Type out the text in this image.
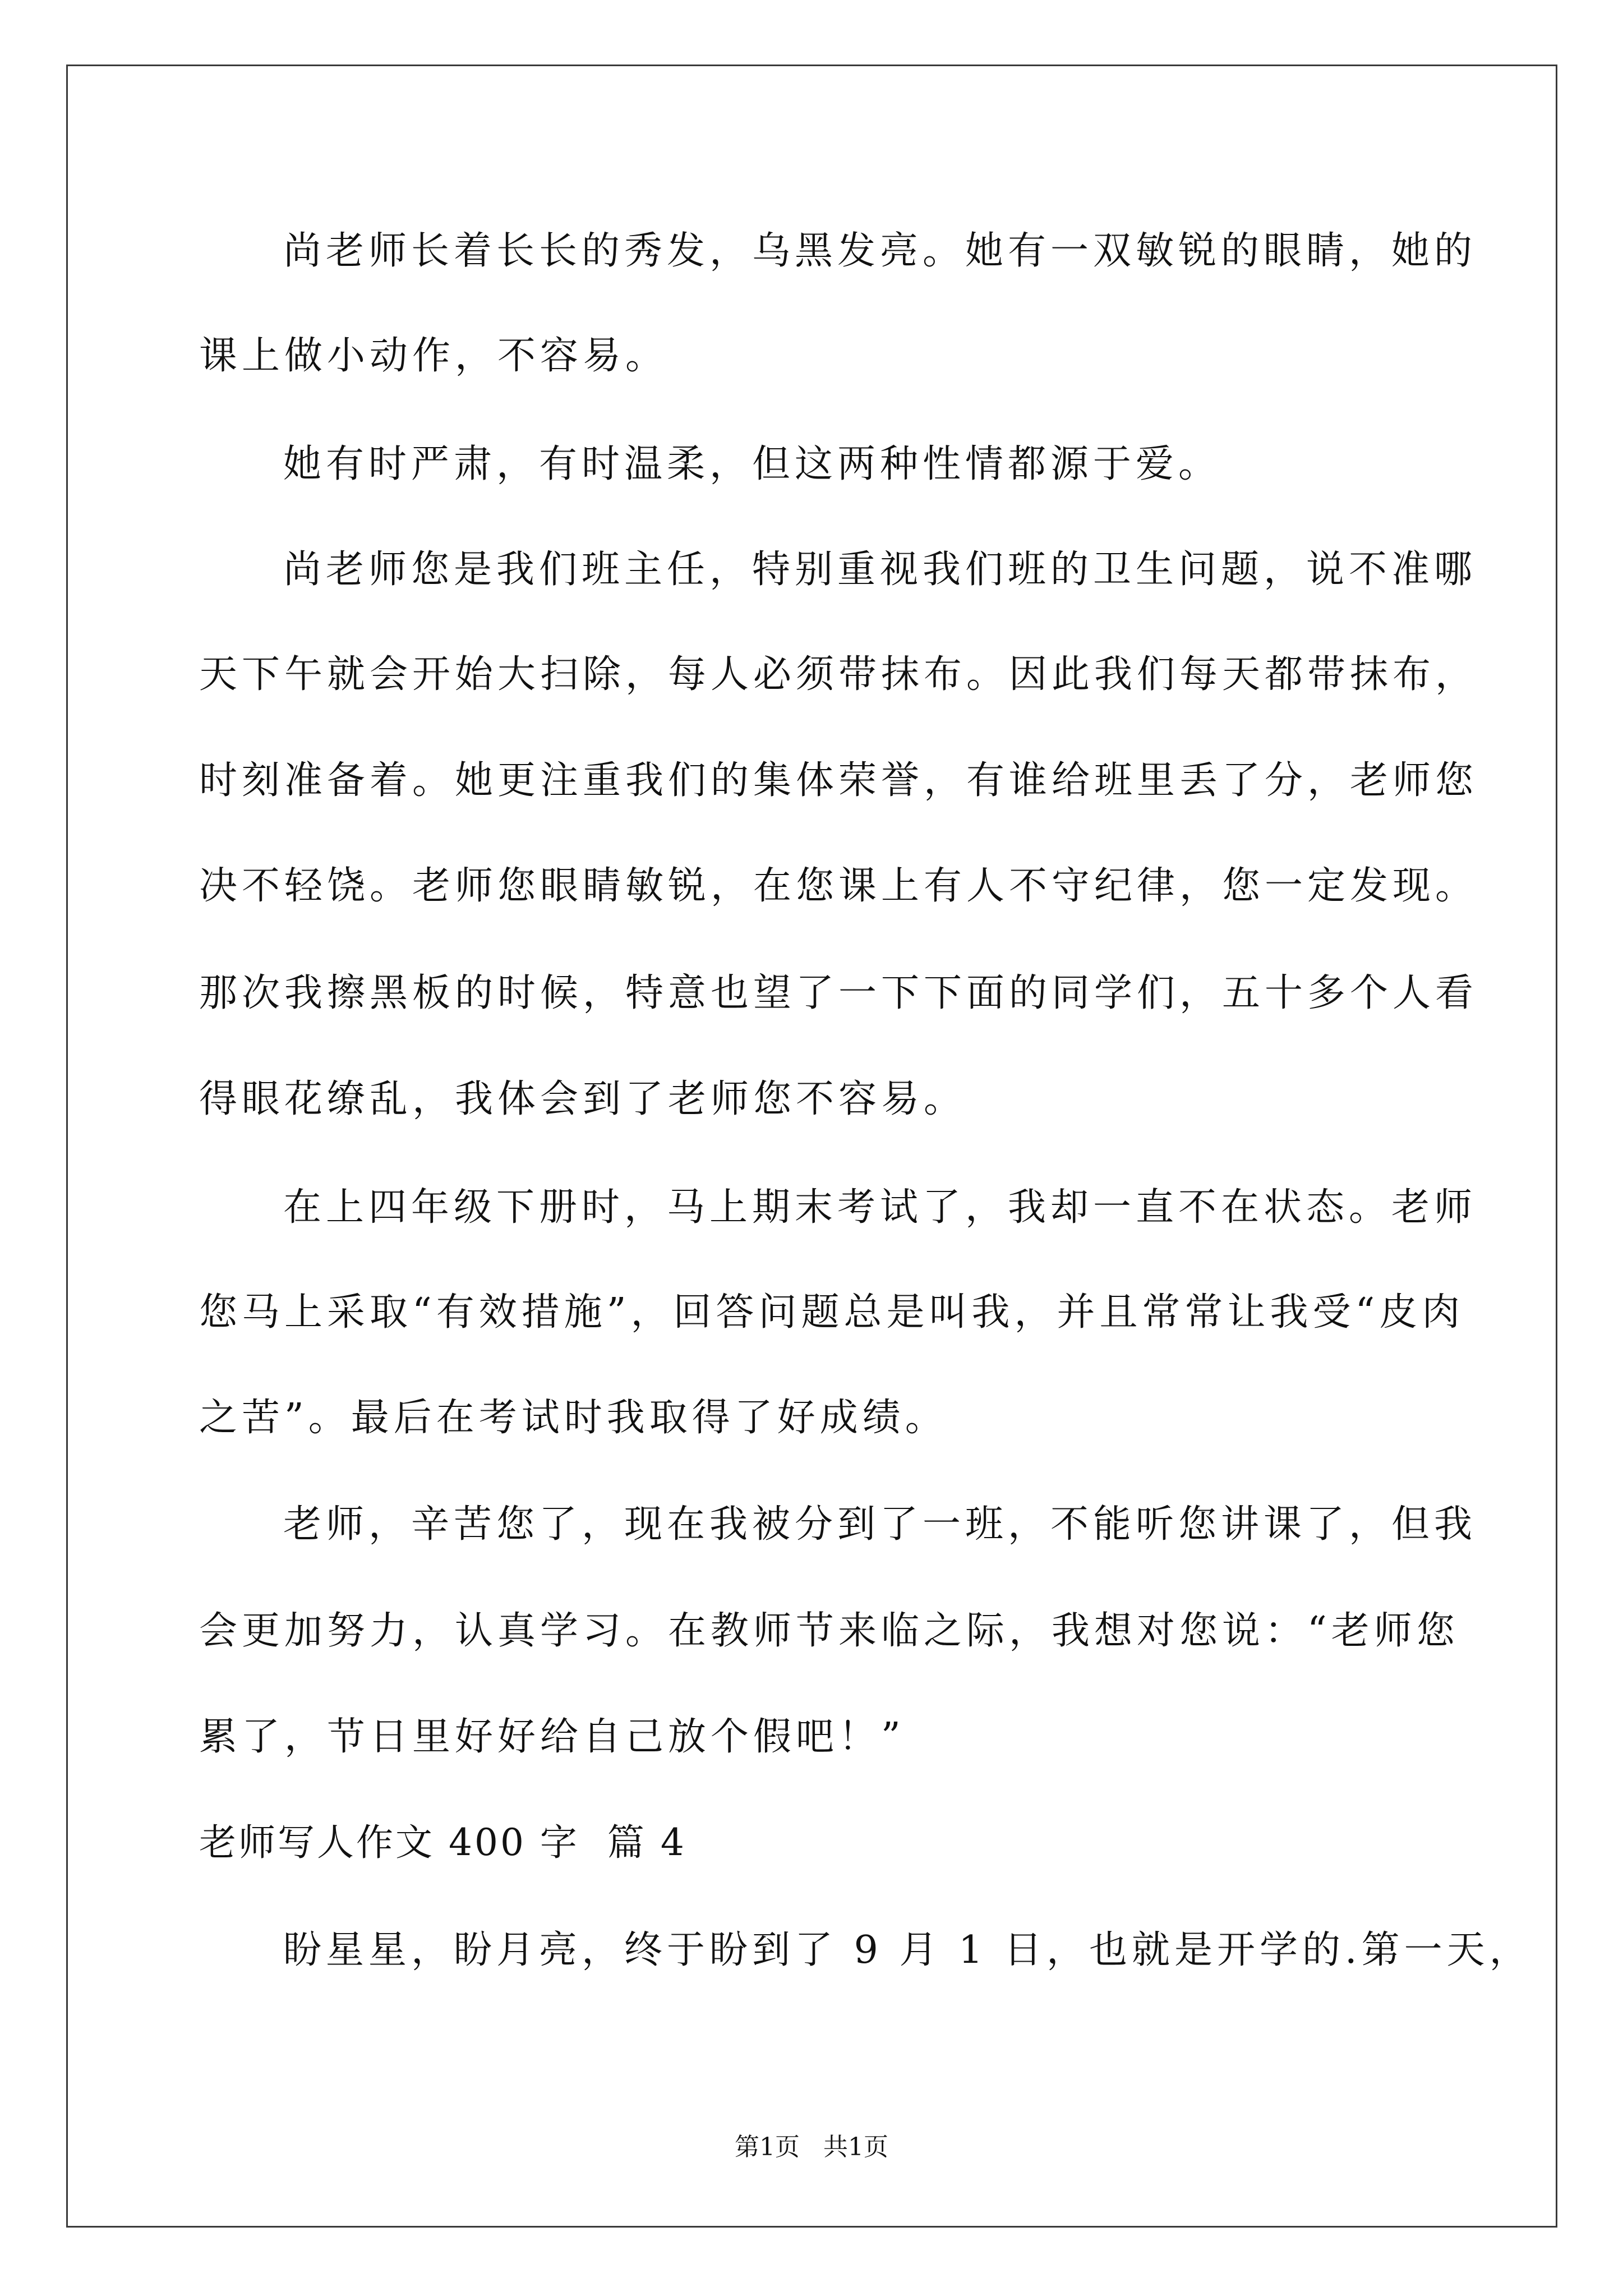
尚老师长着长长的秀发，乌黑发亮。她有一双敏锐的眼睛，她的
课上做小动作，不容易。
她有时严肃，有时温柔，但这两种性情都源于爱。
尚老师您是我们班主任，特别重视我们班的卫生问题，说不准哪
天下午就会开始大扫除，每人必须带抹布。因此我们每天都带抹布，
时刻准备着。她更注重我们的集体荣誉，有谁给班里丢了分，老师您
决不轻饶。老师您眼睛敏锐，在您课上有人不守纪律，您一定发现。
那次我擦黑板的时候，特意也望了一下下面的同学们，五十多个人看
得眼花缭乱，我体会到了老师您不容易。
在上四年级下册时，马上期末考试了，我却一直不在状态。老师
您马上采取“有效措施”，回答问题总是叫我，并且常常让我受“皮肉
之苦”。最后在考试时我取得了好成绩。
老师，辛苦您了，现在我被分到了一班，不能听您讲课了，但我
会更加努力，认真学习。在教师节来临之际，我想对您说：“老师您
累了，节日里好好给自己放个假吧！”
老师写人作文 400 字  篇 4
盼星星，盼月亮，终于盼到了 9 月 1 日，也就是开学的.第一天，
第1页   共1页
